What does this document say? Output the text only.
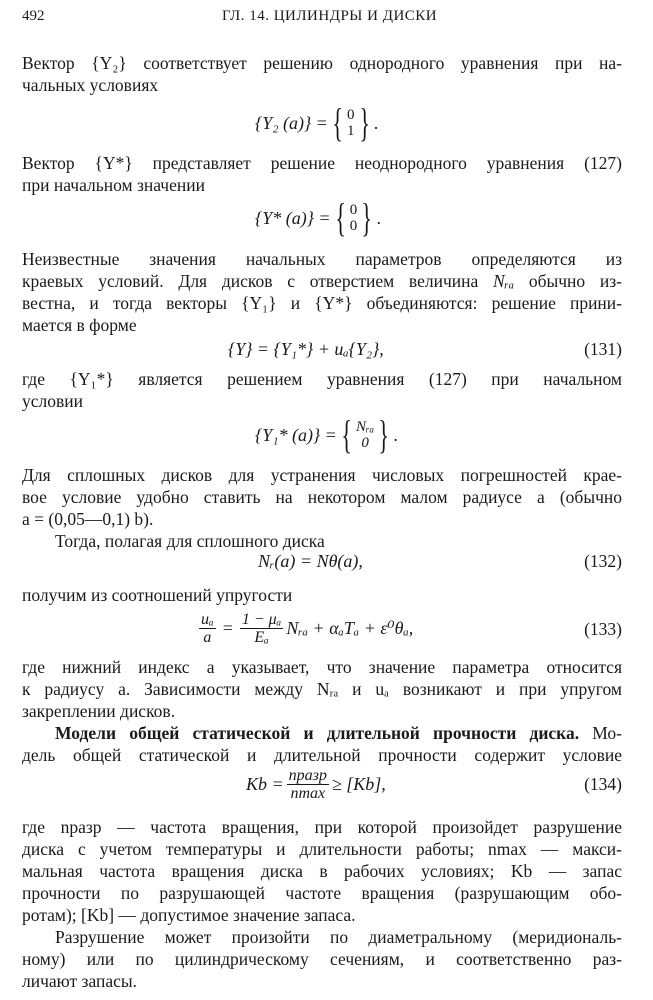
492	ГЛ. 14. ЦИЛИНДРЫ И ДИСКИ
Вектор {Y₂} соответствует решению однородного уравнения при на-
чальных условиях
{Y₂ (a)} = { 0
1 } .
Вектор {Y*} представляет решение неоднородного уравнения (127)
при начальном значении
{Y* (a)} = { 0
0 } .
Неизвестные значения начальных параметров определяются из
краевых условий. Для дисков с отверстием величина Nᵣₐ обычно из-
вестна, и тогда векторы {Y₁} и {Y*} объединяются: решение прини-
мается в форме
{Y} = {Y₁*} + uₐ{Y₂},	(131)
где {Y₁*} является решением уравнения (127) при начальном
условии
{Y₁* (a)} = { Nᵣₐ
0 } .
Для сплошных дисков для устранения числовых погрешностей крае-
вое условие удобно ставить на некотором малом радиусе a (обычно
a = (0,05—0,1) b).
Тогда, полагая для сплошного диска
Nᵣ(a) = Nθ(a),	(132)
получим из соотношений упругости
$\frac{\text{uₐ}}{a} = \frac{\text{1 − μₐ}}{\text{Eₐ}}$ Nᵣₐ + αₐTₐ + ε⁰θₐ,	(133)
где нижний индекс a указывает, что значение параметра относится
к радиусу a. Зависимости между Nᵣₐ и uₐ возникают и при упругом
закреплении дисков.
Модели общей статической и длительной прочности диска. Мо-
дель общей статической и длительной прочности содержит условие
$Kb = \frac{\text{nразр}}{nmax} \ge [Kb]$,	(134)
где nразр — частота вращения, при которой произойдет разрушение
диска с учетом температуры и длительности работы; nmax — макси-
мальная частота вращения диска в рабочих условиях; Kb — запас
прочности по разрушающей частоте вращения (разрушающим обо-
ротам); [Kb] — допустимое значение запаса.
Разрушение может произойти по диаметральному (меридиональ-
ному) или по цилиндрическому сечениям, и соответственно раз-
личают запасы.
